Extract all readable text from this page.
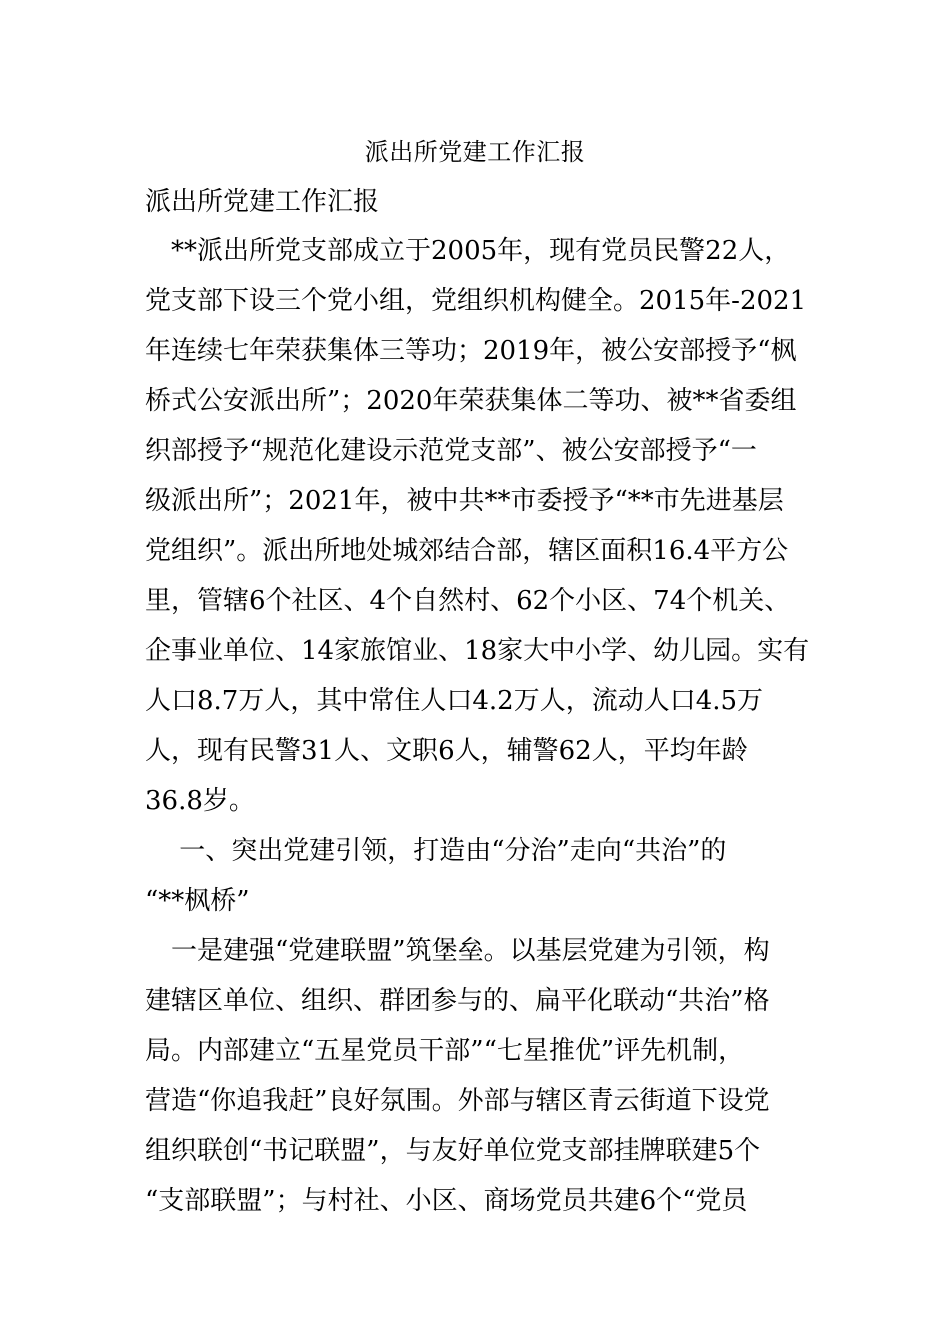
派出所党建工作汇报
派出所党建工作汇报
　**派出所党支部成立于2005年，现有党员民警22人，
党支部下设三个党小组，党组织机构健全。2015年-2021
年连续七年荣获集体三等功；2019年，被公安部授予“枫
桥式公安派出所”；2020年荣获集体二等功、被**省委组
织部授予“规范化建设示范党支部”、被公安部授予“一
级派出所”；2021年，被中共**市委授予“**市先进基层
党组织”。派出所地处城郊结合部，辖区面积16.4平方公
里，管辖6个社区、4个自然村、62个小区、74个机关、
企事业单位、14家旅馆业、18家大中小学、幼儿园。实有
人口8.7万人，其中常住人口4.2万人，流动人口4.5万
人，现有民警31人、文职6人，辅警62人，平均年龄
36.8岁。
　 一、突出党建引领，打造由“分治”走向“共治”的
“**枫桥”
　一是建强“党建联盟”筑堡垒。以基层党建为引领，构
建辖区单位、组织、群团参与的、扁平化联动“共治”格
局。内部建立“五星党员干部”“七星推优”评先机制，
营造“你追我赶”良好氛围。外部与辖区青云街道下设党
组织联创“书记联盟”，与友好单位党支部挂牌联建5个
“支部联盟”；与村社、小区、商场党员共建6个“党员
